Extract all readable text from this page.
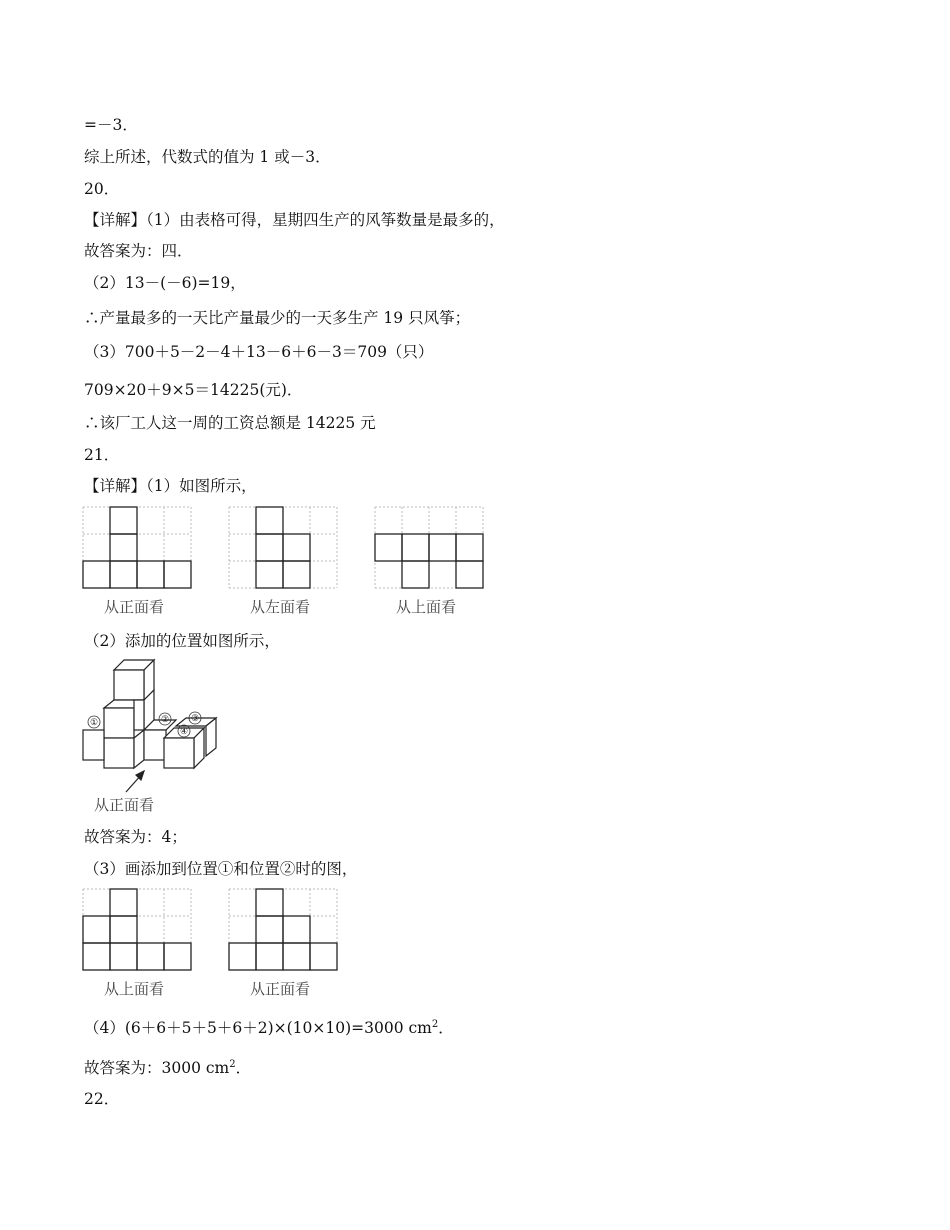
=－3．
综上所述，代数式的值为 1 或－3．
20．
【详解】（1）由表格可得，星期四生产的风筝数量是最多的，
故答案为：四．
（2）13－(－6)=19，
∴产量最多的一天比产量最少的一天多生产 19 只风筝；
（3）700＋5－2－4＋13－6＋6－3＝709（只）
709×20＋9×5＝14225(元)．
∴该厂工人这一周的工资总额是 14225 元
21．
【详解】（1）如图所示，
从正面看	从左面看	从上面看
（2）添加的位置如图所示，
①	② ③
④
从正面看
故答案为：4；
（3）画添加到位置①和位置②时的图，
从上面看	从正面看
（4）(6＋6＋5＋5＋6＋2)×(10×10)=3000 $cm^2$．
故答案为：3000 $cm^2$．
22．
